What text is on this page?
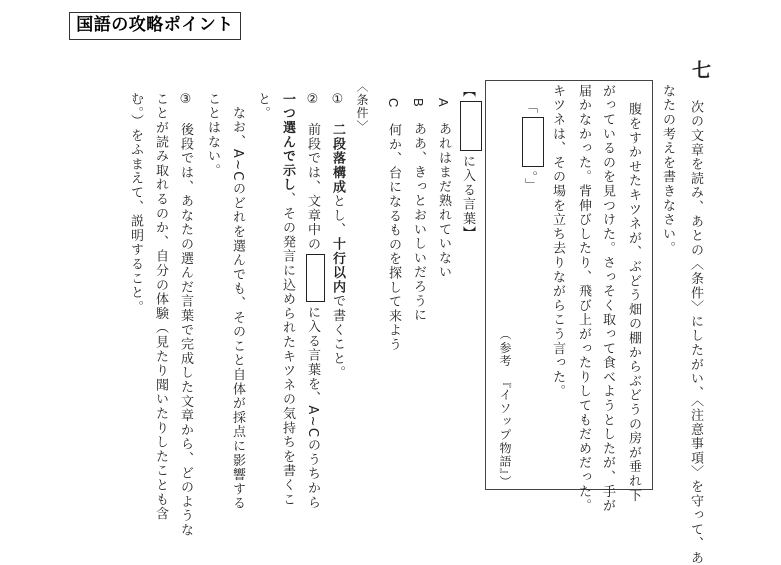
国語の攻略ポイント
七
次の文章を読み、あとの〈条件〉にしたがい、〈注意事項〉を守って、あ
なたの考えを書きなさい。
　腹をすかせたキツネが、ぶどう畑の棚からぶどうの房が垂れ下
がっているのを見つけた。さっそく取って食べようとしたが、手が
届かなかった。背伸びしたり、飛び上がったりしてもだめだった。
キツネは、その場を立ち去りながらこう言った。
「。」
（参考　『イソップ物語』）
【に入る言葉】
A　あれはまだ熟れていない
B　ああ、きっとおいしいだろうに
C　何か、台になるものを探して来よう
〈条件〉
①　二段落構成とし、十行以内で書くこと。
②　前段では、文章中のに入る言葉を、A~Cのうちから
一つ選んで示し、その発言に込められたキツネの気持ちを書くこ
と。
なお、A~Cのどれを選んでも、そのこと自体が採点に影響する
ことはない。
③　後段では、あなたの選んだ言葉で完成した文章から、どのような
ことが読み取れるのか、自分の体験（見たり聞いたりしたことも含
む。）をふまえて、説明すること。
